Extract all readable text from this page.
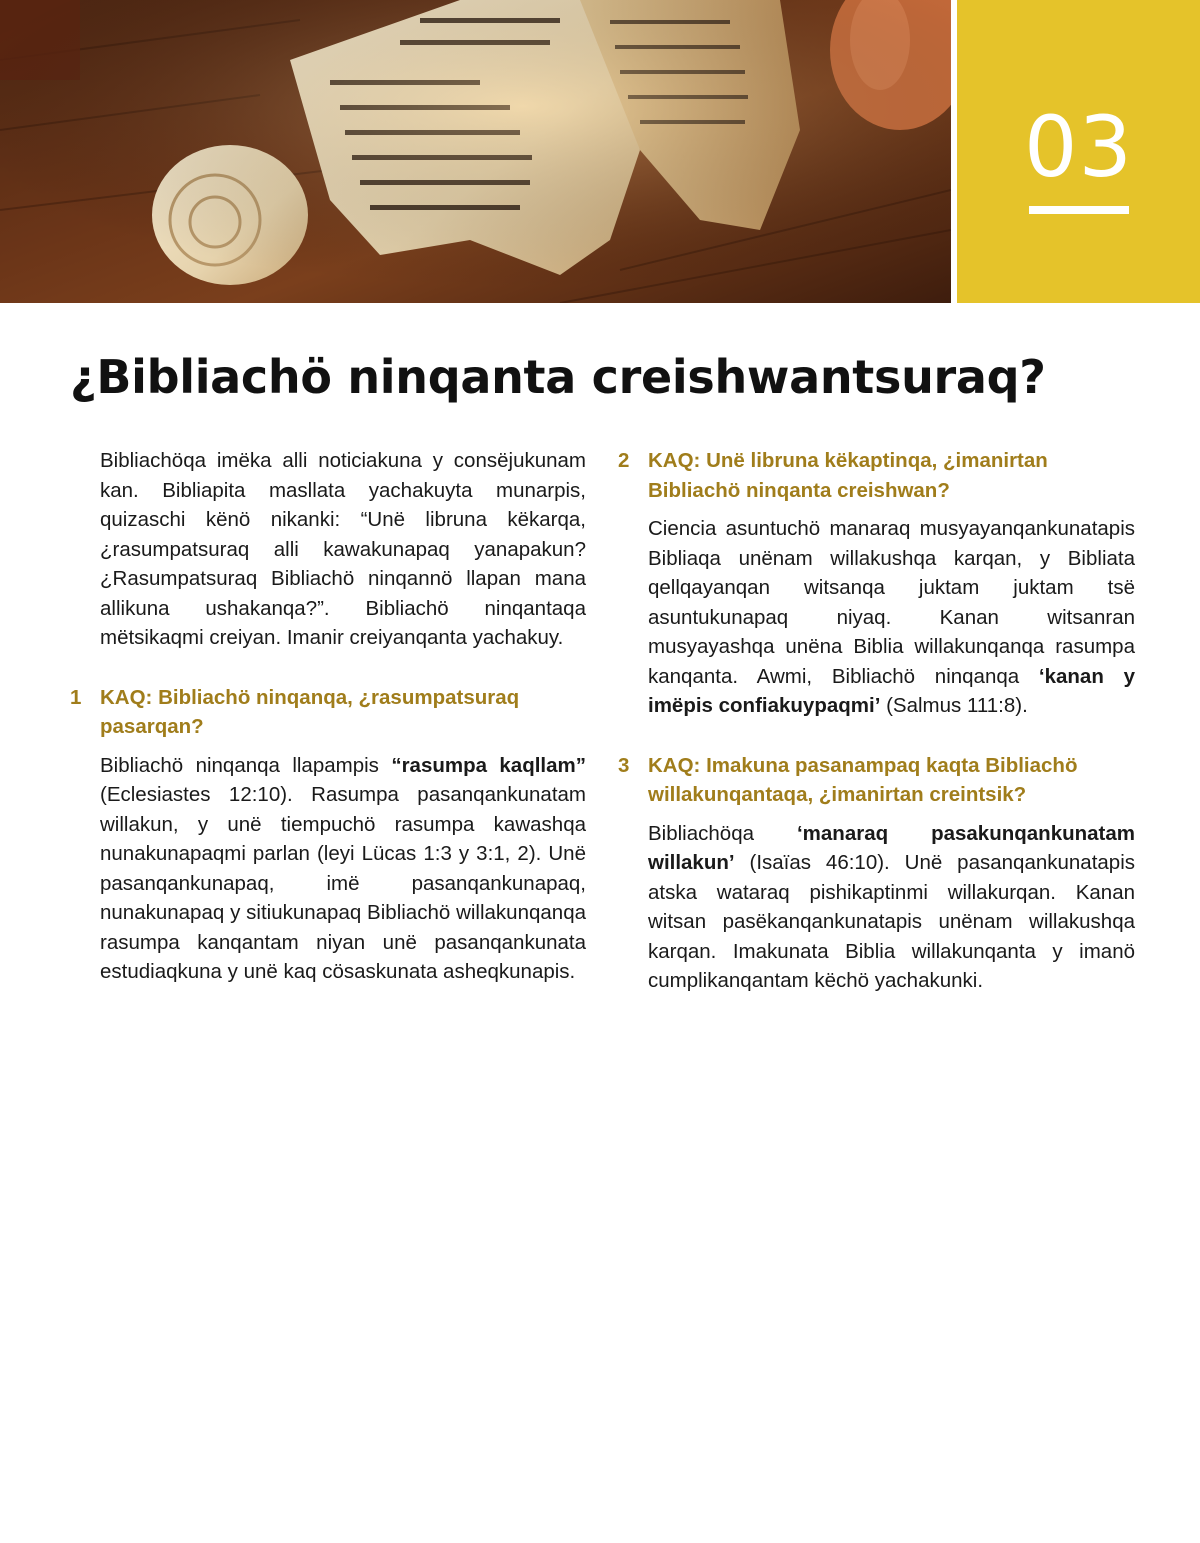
03
¿Bibliachö ninqanta creishwantsuraq?

Bibliachöqa imëka alli noticiakuna y consëjukunam kan. Bibliapita masllata yachakuyta munarpis, quizaschi kënö nikanki: “Unë libruna këkarqa, ¿rasumpatsuraq alli kawakunapaq yanapakun? ¿Rasumpatsuraq Bibliachö ninqannö llapan mana allikuna ushakanqa?”. Bibliachö ninqantaqa mëtsikaqmi creiyan. Imanir creiyanqanta yachakuy.

1 KAQ: Bibliachö ninqanqa, ¿rasumpatsuraq pasarqan?

Bibliachö ninqanqa llapampis “rasumpa kaqllam” (Eclesiastes 12:10). Rasumpa pasanqankunatam willakun, y unë tiempuchö rasumpa kawashqa nunakunapaqmi parlan (leyi Lücas 1:3 y 3:1, 2). Unë pasanqankunapaq, imë pasanqankunapaq, nunakunapaq y sitiukunapaq Bibliachö willakunqanqa rasumpa kanqantam niyan unë pasanqankunata estudiaqkuna y unë kaq cösaskunata asheqkunapis.

2 KAQ: Unë libruna këkaptinqa, ¿imanirtan Bibliachö ninqanta creishwan?

Ciencia asuntuchö manaraq musyayanqankunatapis Bibliaqa unënam willakushqa karqan, y Bibliata qellqayanqan witsanqa juktam juktam tsë asuntukunapaq niyaq. Kanan witsanran musyayashqa unëna Biblia willakunqanqa rasumpa kanqanta. Awmi, Bibliachö ninqanqa ‘kanan y imëpis confiakuypaqmi’ (Salmus 111:8).

3 KAQ: Imakuna pasanampaq kaqta Bibliachö willakunqantaqa, ¿imanirtan creintsik?

Bibliachöqa ‘manaraq pasakunqankunatam willakun’ (Isaïas 46:10). Unë pasanqankunatapis atska wataraq pishikaptinmi willakurqan. Kanan witsan pasëkanqankunatapis unënam willakushqa karqan. Imakunata Biblia willakunqanta y imanö cumplikanqantam këchö yachakunki.
